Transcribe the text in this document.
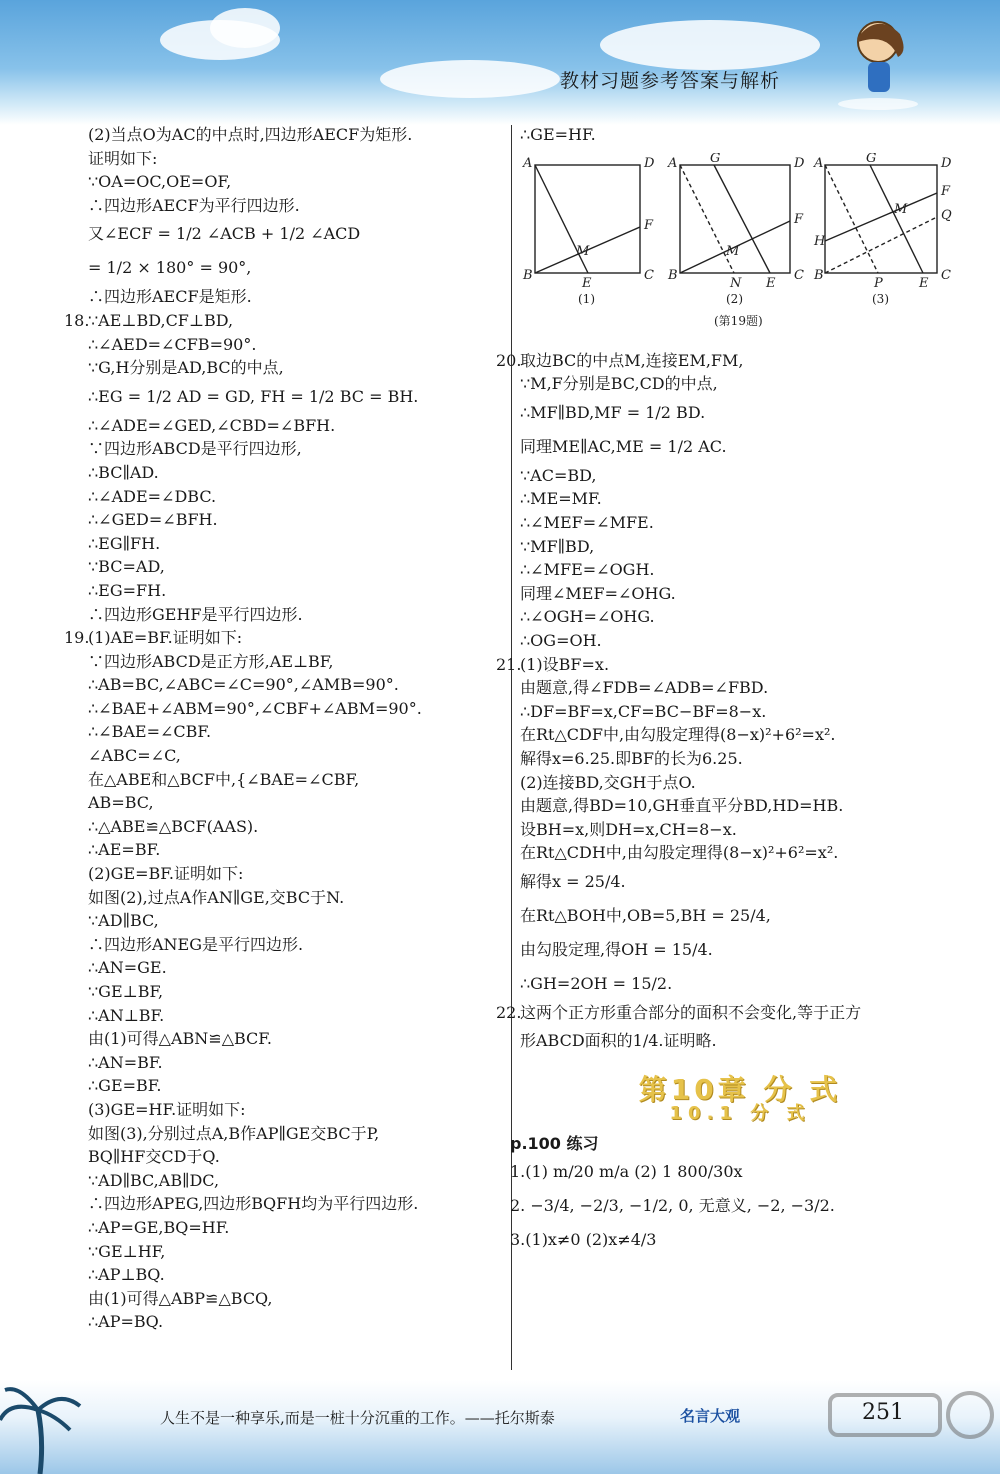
教材习题参考答案与解析
(2)当点O为AC的中点时,四边形AECF为矩形.
证明如下:
∵OA=OC,OE=OF,
∴四边形AECF为平行四边形.
又∠ECF = 1/2 ∠ACB + 1/2 ∠ACD
= 1/2 × 180° = 90°,
∴四边形AECF是矩形.
18.
∵AE⊥BD,CF⊥BD,
∴∠AED=∠CFB=90°.
∵G,H分别是AD,BC的中点,
∴EG = 1/2 AD = GD, FH = 1/2 BC = BH.
∴∠ADE=∠GED,∠CBD=∠BFH.
∵四边形ABCD是平行四边形,
∴BC∥AD.
∴∠ADE=∠DBC.
∴∠GED=∠BFH.
∴EG∥FH.
∵BC=AD,
∴EG=FH.
∴四边形GEHF是平行四边形.
19.
(1)AE=BF.证明如下:
∵四边形ABCD是正方形,AE⊥BF,
∴AB=BC,∠ABC=∠C=90°,∠AMB=90°.
∴∠BAE+∠ABM=90°,∠CBF+∠ABM=90°.
∴∠BAE=∠CBF.
∠ABC=∠C,
在△ABE和△BCF中,{∠BAE=∠CBF,
AB=BC,
∴△ABE≌△BCF(AAS).
∴AE=BF.
(2)GE=BF.证明如下:
如图(2),过点A作AN∥GE,交BC于N.
∵AD∥BC,
∴四边形ANEG是平行四边形.
∴AN=GE.
∵GE⊥BF,
∴AN⊥BF.
由(1)可得△ABN≌△BCF.
∴AN=BF.
∴GE=BF.
(3)GE=HF.证明如下:
如图(3),分别过点A,B作AP∥GE交BC于P,
BQ∥HF交CD于Q.
∵AD∥BC,AB∥DC,
∴四边形APEG,四边形BQFH均为平行四边形.
∴AP=GE,BQ=HF.
∵GE⊥HF,
∴AP⊥BQ.
由(1)可得△ABP≌△BCQ,
∴AP=BQ.
∴GE=HF.
A	D
B	C
E
F
M
A	G	D
F
M
B
N E
C
A	G	D
F
M	Q
H
B
P	E
C
(1)	(2)	(3)
(第19题)
20.
取边BC的中点M,连接EM,FM,
∵M,F分别是BC,CD的中点,
∴MF∥BD,MF = 1/2 BD.
同理ME∥AC,ME = 1/2 AC.
∵AC=BD,
∴ME=MF.
∴∠MEF=∠MFE.
∵MF∥BD,
∴∠MFE=∠OGH.
同理∠MEF=∠OHG.
∴∠OGH=∠OHG.
∴OG=OH.
21.
(1)设BF=x.
由题意,得∠FDB=∠ADB=∠FBD.
∴DF=BF=x,CF=BC−BF=8−x.
在Rt△CDF中,由勾股定理得(8−x)²+6²=x².
解得x=6.25.即BF的长为6.25.
(2)连接BD,交GH于点O.
由题意,得BD=10,GH垂直平分BD,HD=HB.
设BH=x,则DH=x,CH=8−x.
在Rt△CDH中,由勾股定理得(8−x)²+6²=x².
解得x = 25/4.
在Rt△BOH中,OB=5,BH = 25/4,
由勾股定理,得OH = 15/4.
∴GH=2OH = 15/2.
22.
这两个正方形重合部分的面积不会变化,等于正方
形ABCD面积的1/4.证明略.
第10章 分 式
10.1 分 式
p.100 练习
1.(1) m/20 m/a (2) 1 800/30x
2. −3/4, −2/3, −1/2, 0, 无意义, −2, −3/2.
3.(1)x≠0 (2)x≠4/3
人生不是一种享乐,而是一桩十分沉重的工作。——托尔斯泰	名言大观	251
